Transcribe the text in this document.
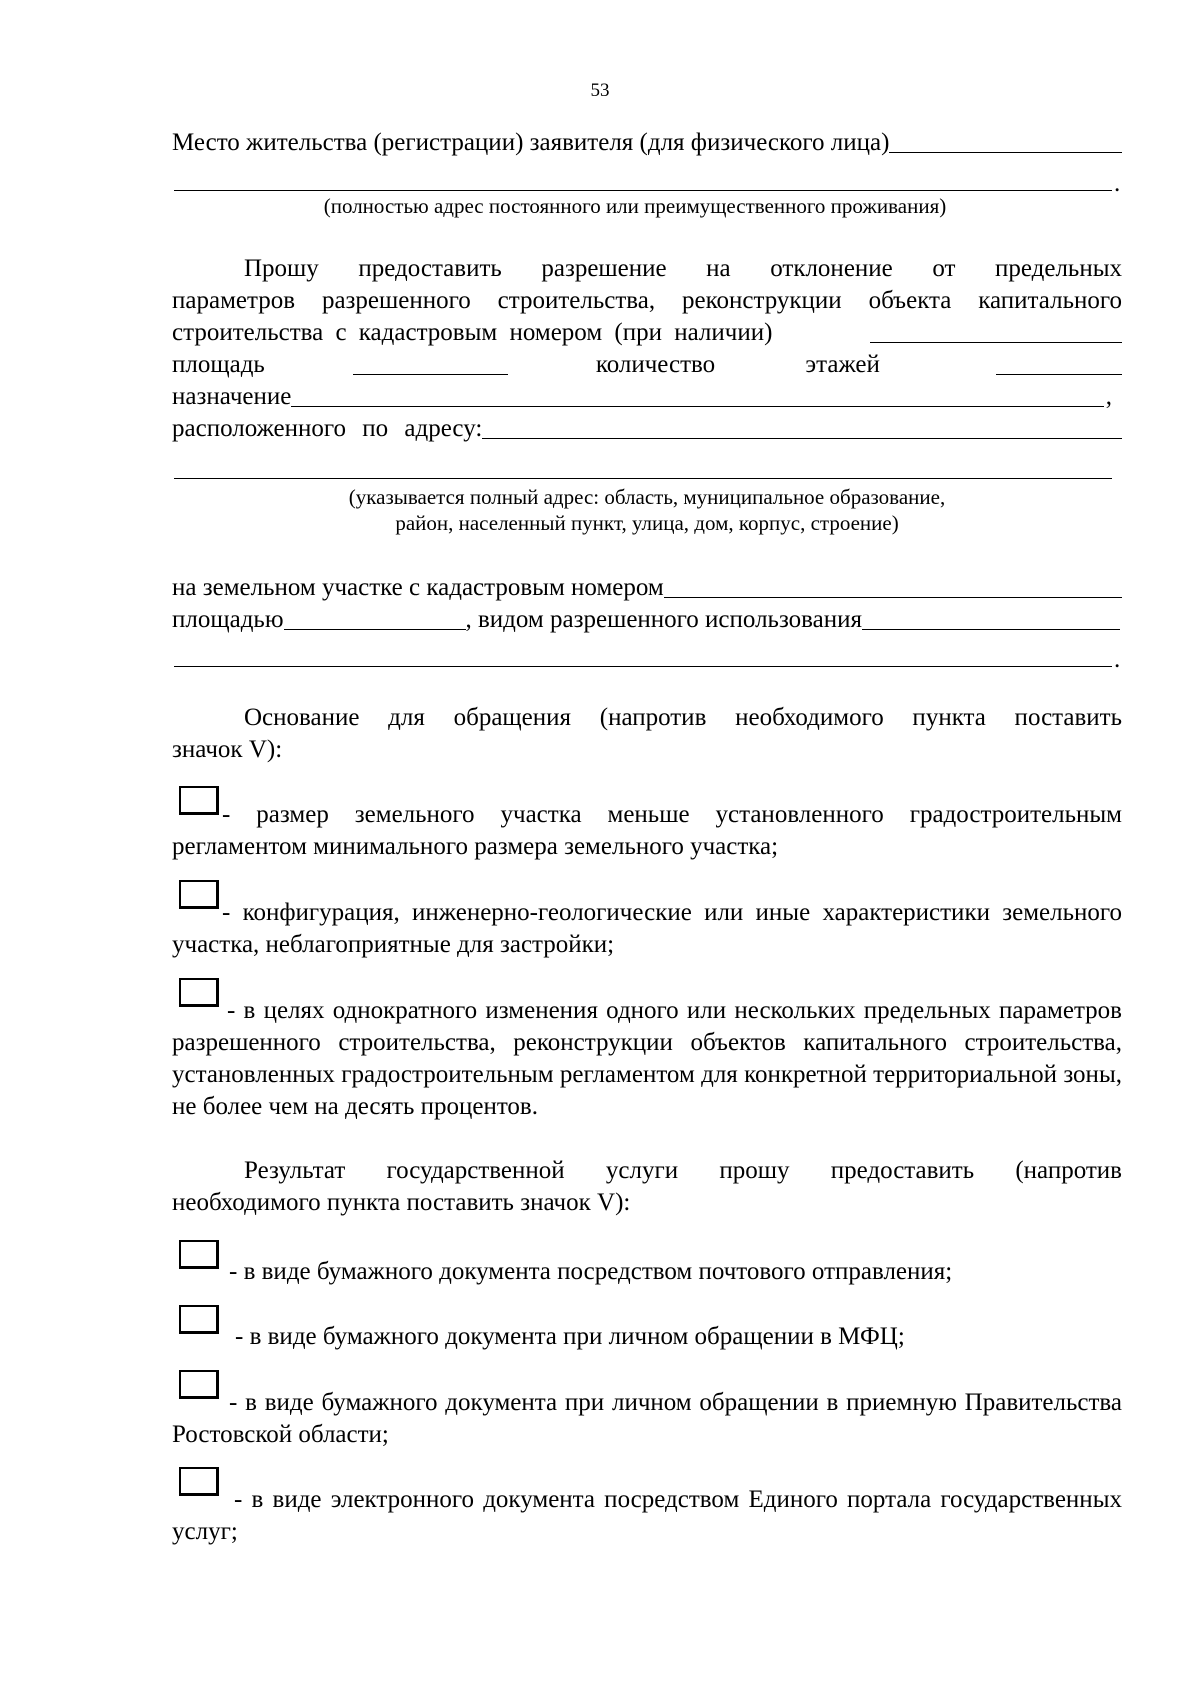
53
Место жительства (регистрации) заявителя (для физического лица)
.
(полностью адрес постоянного или преимущественного проживания)
Прошу предоставить разрешение на отклонение от предельных
параметров разрешенного строительства, реконструкции объекта капитального
строительства с кадастровым номером (при наличии)
площадь	количество этажей
назначение	,
расположенного по адресу:
(указывается полный адрес: область, муниципальное образование,
район, населенный пункт, улица, дом, корпус, строение)
на земельном участке с кадастровым номером
площадью	, видом разрешенного использования
.
Основание для обращения (напротив необходимого пункта поставить
значок V):
- размер земельного участка меньше установленного градостроительным регламентом минимального размера земельного участка;
- конфигурация, инженерно-геологические или иные характеристики земельного участка, неблагоприятные для застройки;
- в целях однократного изменения одного или нескольких предельных параметров разрешенного строительства, реконструкции объектов капитального строительства, установленных градостроительным регламентом для конкретной территориальной зоны, не более чем на десять процентов.
Результат государственной услуги прошу предоставить (напротив
необходимого пункта поставить значок V):
- в виде бумажного документа посредством почтового отправления;
- в виде бумажного документа при личном обращении в МФЦ;
- в виде бумажного документа при личном обращении в приемную Правительства Ростовской области;
- в виде электронного документа посредством Единого портала государственных услуг;
